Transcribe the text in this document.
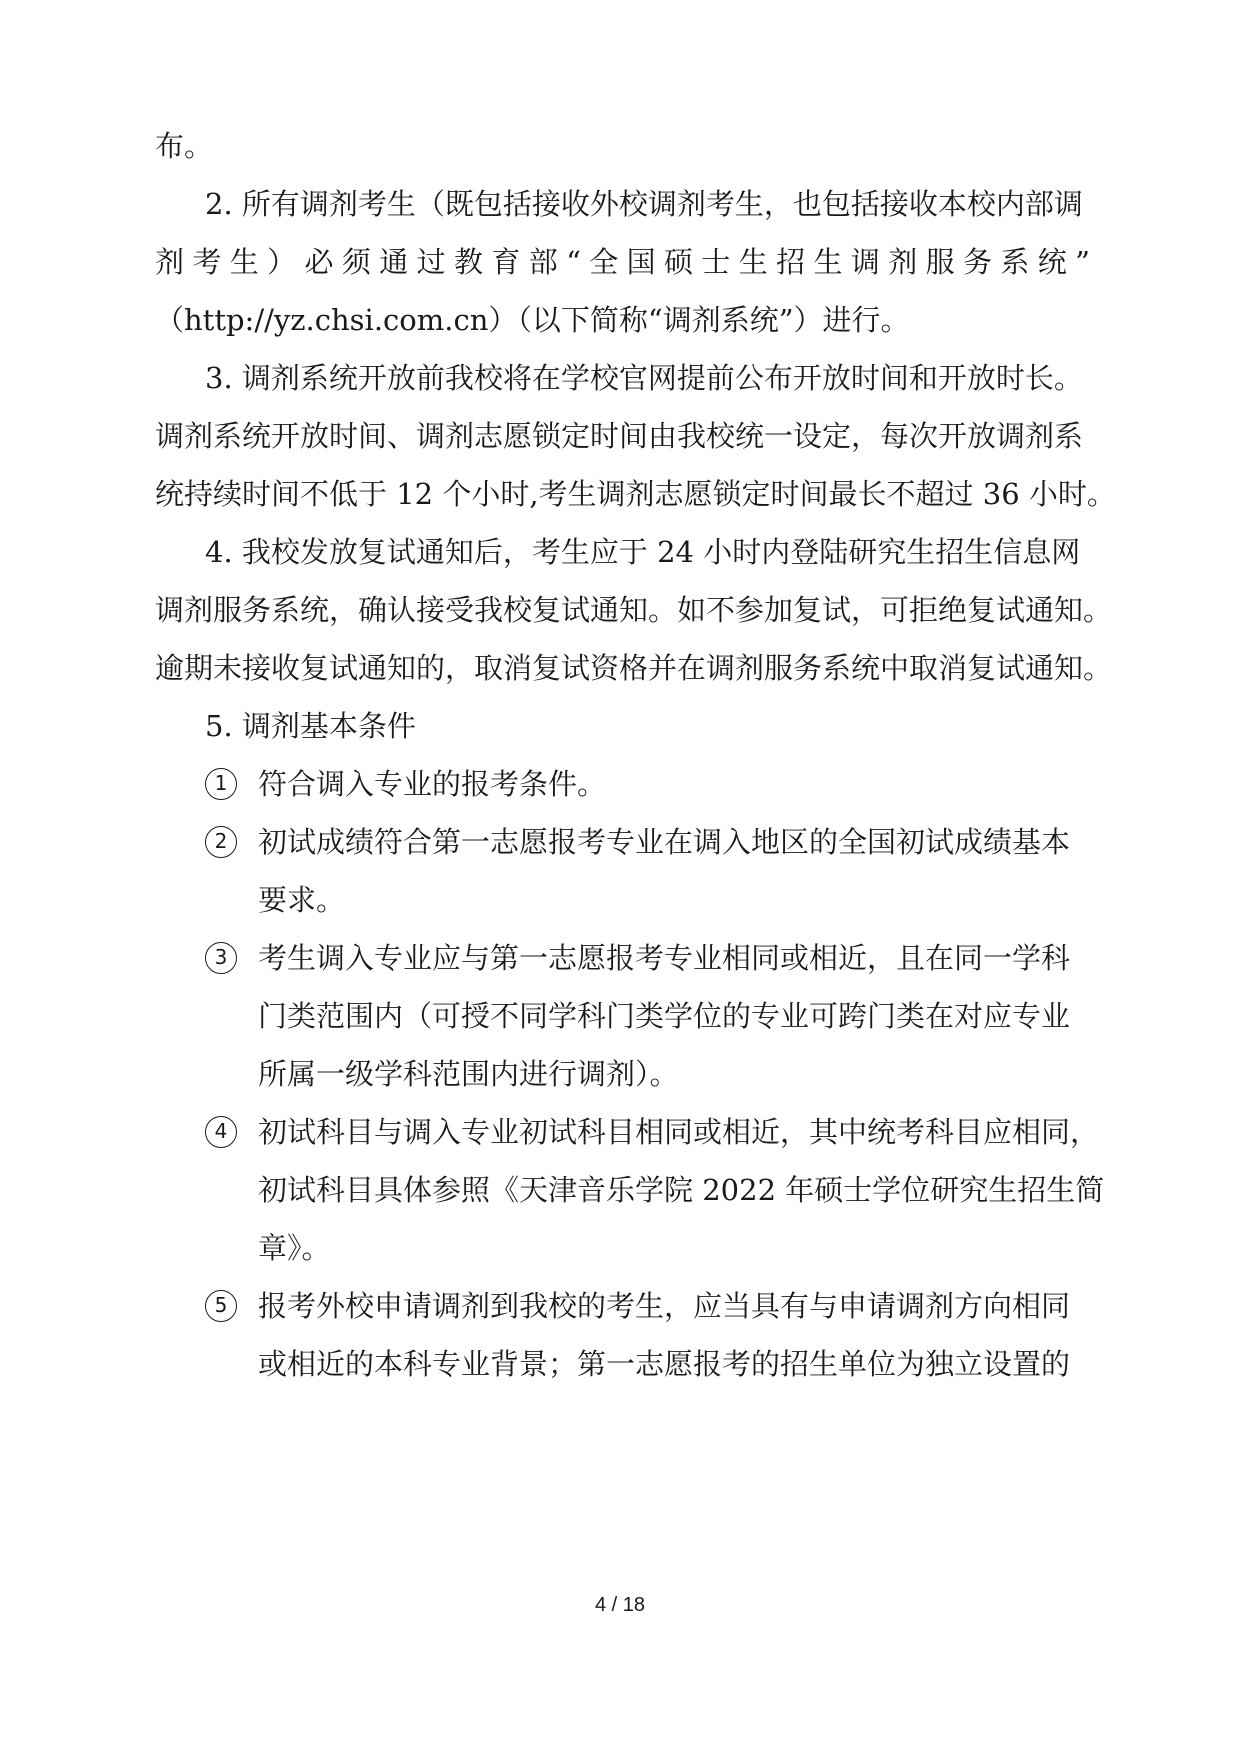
布。
2. 所有调剂考生（既包括接收外校调剂考生，也包括接收本校内部调
剂考生）必须通过教育部“全国硕士生招生调剂服务系统”
（http://yz.chsi.com.cn）（以下简称“调剂系统”）进行。
3. 调剂系统开放前我校将在学校官网提前公布开放时间和开放时长。
调剂系统开放时间、调剂志愿锁定时间由我校统一设定，每次开放调剂系
统持续时间不低于 12 个小时,考生调剂志愿锁定时间最长不超过 36 小时。
4. 我校发放复试通知后，考生应于 24 小时内登陆研究生招生信息网
调剂服务系统，确认接受我校复试通知。如不参加复试，可拒绝复试通知。
逾期未接收复试通知的，取消复试资格并在调剂服务系统中取消复试通知。
5. 调剂基本条件
1	符合调入专业的报考条件。
2	初试成绩符合第一志愿报考专业在调入地区的全国初试成绩基本
要求。
3	考生调入专业应与第一志愿报考专业相同或相近，且在同一学科
门类范围内（可授不同学科门类学位的专业可跨门类在对应专业
所属一级学科范围内进行调剂）。
4	初试科目与调入专业初试科目相同或相近，其中统考科目应相同，
初试科目具体参照《天津音乐学院 2022 年硕士学位研究生招生简
章》。
5	报考外校申请调剂到我校的考生，应当具有与申请调剂方向相同
或相近的本科专业背景；第一志愿报考的招生单位为独立设置的
4 / 18
